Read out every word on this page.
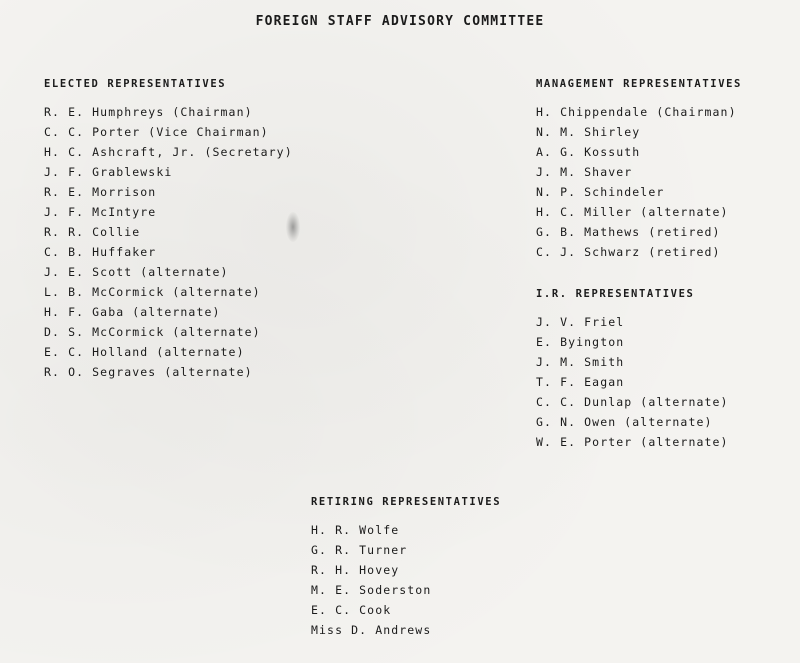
FOREIGN STAFF ADVISORY COMMITTEE
ELECTED REPRESENTATIVES
R. E. Humphreys (Chairman)
C. C. Porter (Vice Chairman)
H. C. Ashcraft, Jr. (Secretary)
J. F. Grablewski
R. E. Morrison
J. F. McIntyre
R. R. Collie
C. B. Huffaker
J. E. Scott (alternate)
L. B. McCormick (alternate)
H. F. Gaba (alternate)
D. S. McCormick (alternate)
E. C. Holland (alternate)
R. O. Segraves (alternate)
MANAGEMENT REPRESENTATIVES
H. Chippendale (Chairman)
N. M. Shirley
A. G. Kossuth
J. M. Shaver
N. P. Schindeler
H. C. Miller (alternate)
G. B. Mathews (retired)
C. J. Schwarz (retired)
I.R. REPRESENTATIVES
J. V. Friel
E. Byington
J. M. Smith
T. F. Eagan
C. C. Dunlap (alternate)
G. N. Owen (alternate)
W. E. Porter (alternate)
RETIRING REPRESENTATIVES
H. R. Wolfe
G. R. Turner
R. H. Hovey
M. E. Soderston
E. C. Cook
Miss D. Andrews
